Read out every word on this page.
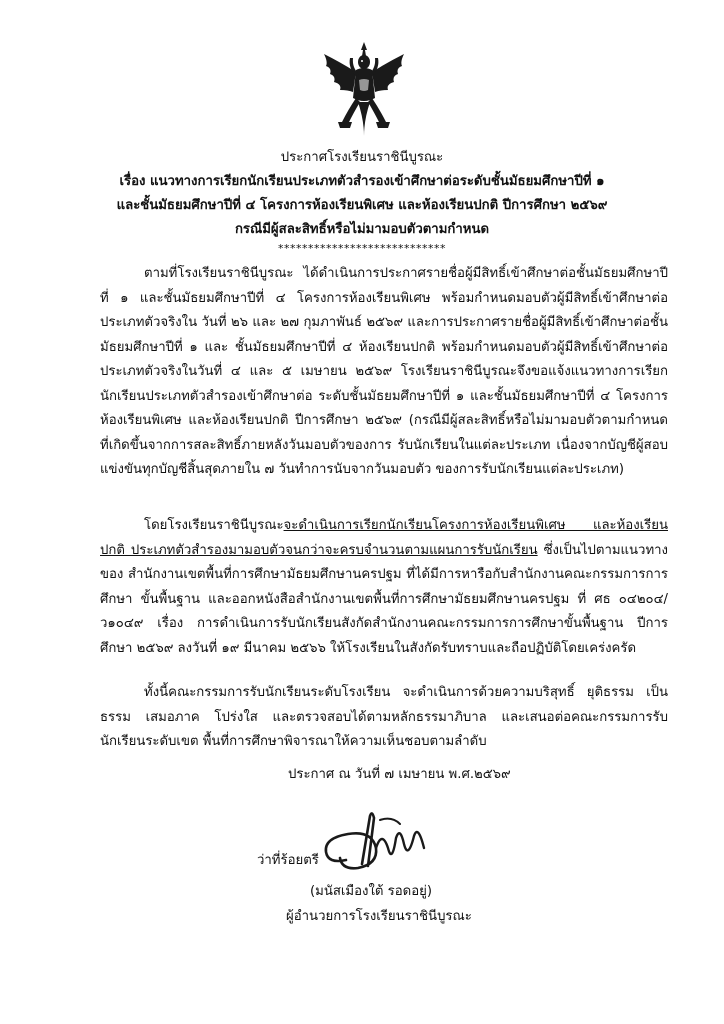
ประกาศโรงเรียนราชินีบูรณะ
เรื่อง แนวทางการเรียกนักเรียนประเภทตัวสำรองเข้าศึกษาต่อระดับชั้นมัธยมศึกษาปีที่ ๑
และชั้นมัธยมศึกษาปีที่ ๔ โครงการห้องเรียนพิเศษ และห้องเรียนปกติ ปีการศึกษา ๒๕๖๙
กรณีมีผู้สละสิทธิ์หรือไม่มามอบตัวตามกำหนด
****************************

ตามที่โรงเรียนราชินีบูรณะ ได้ดำเนินการประกาศรายชื่อผู้มีสิทธิ์เข้าศึกษาต่อชั้นมัธยมศึกษาปีที่ ๑ และชั้นมัธยมศึกษาปีที่ ๔ โครงการห้องเรียนพิเศษ พร้อมกำหนดมอบตัวผู้มีสิทธิ์เข้าศึกษาต่อประเภทตัวจริงใน วันที่ ๒๖ และ ๒๗ กุมภาพันธ์ ๒๕๖๙ และการประกาศรายชื่อผู้มีสิทธิ์เข้าศึกษาต่อชั้นมัธยมศึกษาปีที่ ๑ และ ชั้นมัธยมศึกษาปีที่ ๔ ห้องเรียนปกติ พร้อมกำหนดมอบตัวผู้มีสิทธิ์เข้าศึกษาต่อประเภทตัวจริงในวันที่ ๔ และ ๕ เมษายน ๒๕๖๙ โรงเรียนราชินีบูรณะจึงขอแจ้งแนวทางการเรียกนักเรียนประเภทตัวสำรองเข้าศึกษาต่อ ระดับชั้นมัธยมศึกษาปีที่ ๑ และชั้นมัธยมศึกษาปีที่ ๔ โครงการห้องเรียนพิเศษ และห้องเรียนปกติ ปีการศึกษา ๒๕๖๙ (กรณีมีผู้สละสิทธิ์หรือไม่มามอบตัวตามกำหนด ที่เกิดขึ้นจากการสละสิทธิ์ภายหลังวันมอบตัวของการ รับนักเรียนในแต่ละประเภท เนื่องจากบัญชีผู้สอบแข่งขันทุกบัญชีสิ้นสุดภายใน ๗ วันทำการนับจากวันมอบตัว ของการรับนักเรียนแต่ละประเภท)

โดยโรงเรียนราชินีบูรณะจะดำเนินการเรียกนักเรียนโครงการห้องเรียนพิเศษ และห้องเรียนปกติ ประเภทตัวสำรองมามอบตัวจนกว่าจะครบจำนวนตามแผนการรับนักเรียน ซึ่งเป็นไปตามแนวทางของ สำนักงานเขตพื้นที่การศึกษามัธยมศึกษานครปฐม ที่ได้มีการหารือกับสำนักงานคณะกรรมการการศึกษา ขั้นพื้นฐาน และออกหนังสือสำนักงานเขตพื้นที่การศึกษามัธยมศึกษานครปฐม ที่ ศธ ๐๔๒๐๔/ว๑๐๔๙ เรื่อง การดำเนินการรับนักเรียนสังกัดสำนักงานคณะกรรมการการศึกษาขั้นพื้นฐาน ปีการศึกษา ๒๕๖๙ ลงวันที่ ๑๙ มีนาคม ๒๕๖๖ ให้โรงเรียนในสังกัดรับทราบและถือปฏิบัติโดยเคร่งครัด

ทั้งนี้คณะกรรมการรับนักเรียนระดับโรงเรียน จะดำเนินการด้วยความบริสุทธิ์ ยุติธรรม เป็นธรรม เสมอภาค โปร่งใส และตรวจสอบได้ตามหลักธรรมาภิบาล และเสนอต่อคณะกรรมการรับนักเรียนระดับเขต พื้นที่การศึกษาพิจารณาให้ความเห็นชอบตามลำดับ

ประกาศ ณ วันที่ ๗ เมษายน พ.ศ.๒๕๖๙
ว่าที่ร้อยตรี
(มนัสเมืองใต้ รอดอยู่)
ผู้อำนวยการโรงเรียนราชินีบูรณะ
